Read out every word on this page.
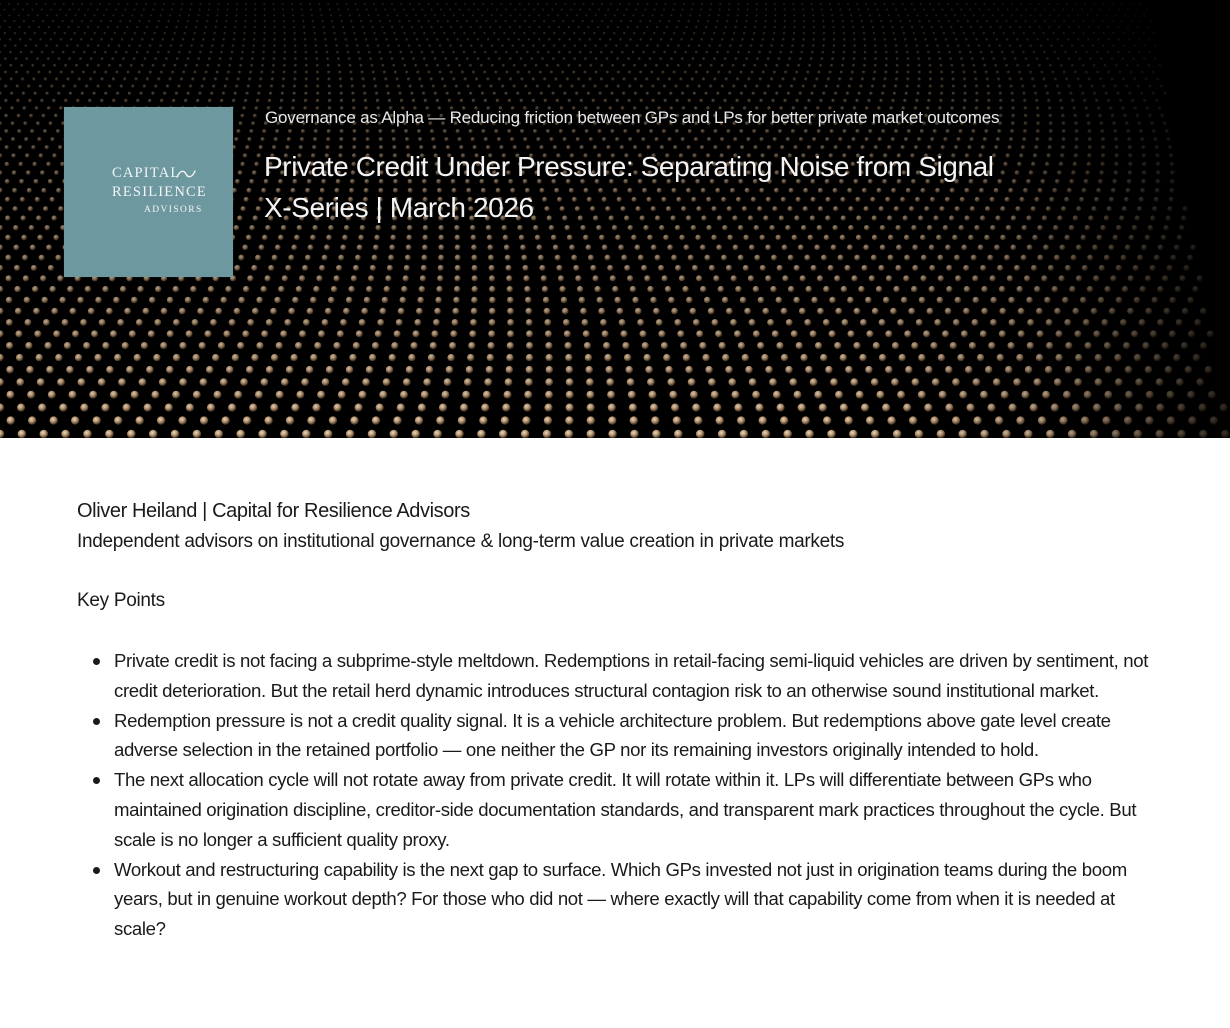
CAPITAL
RESILIENCE
ADVISORS
Governance as Alpha — Reducing friction between GPs and LPs for better private market outcomes
Private Credit Under Pressure: Separating Noise from Signal
X-Series | March 2026

Oliver Heiland | Capital for Resilience Advisors

Independent advisors on institutional governance & long-term value creation in private markets

Key Points

Private credit is not facing a subprime-style meltdown. Redemptions in retail-facing semi-liquid vehicles are driven by sentiment, not credit deterioration. But the retail herd dynamic introduces structural contagion risk to an otherwise sound institutional market.
Redemption pressure is not a credit quality signal. It is a vehicle architecture problem. But redemptions above gate level create adverse selection in the retained portfolio — one neither the GP nor its remaining investors originally intended to hold.
The next allocation cycle will not rotate away from private credit. It will rotate within it. LPs will differentiate between GPs who maintained origination discipline, creditor-side documentation standards, and transparent mark practices throughout the cycle. But scale is no longer a sufficient quality proxy.
Workout and restructuring capability is the next gap to surface. Which GPs invested not just in origination teams during the boom years, but in genuine workout depth? For those who did not — where exactly will that capability come from when it is needed at scale?
